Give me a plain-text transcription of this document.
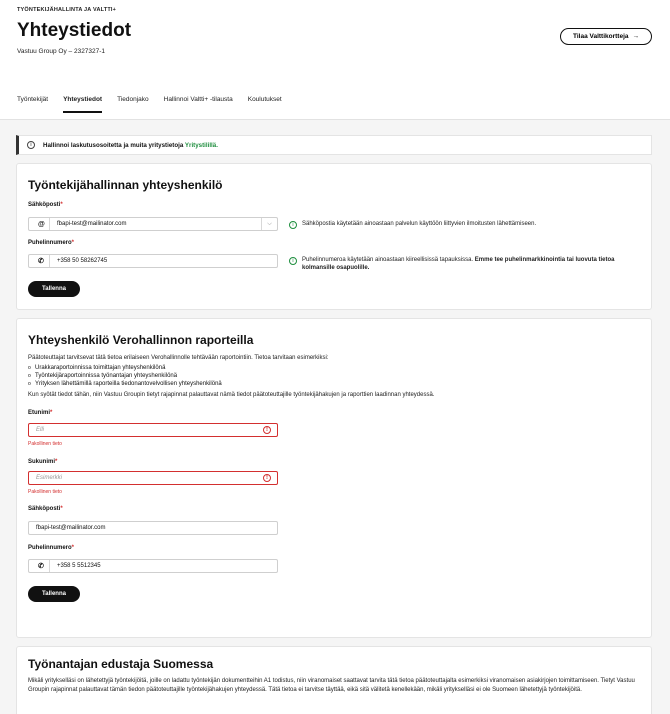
TYÖNTEKIJÄHALLINTA JA VALTTI+
Yhteystiedot
Vastuu Group Oy – 2327327-1
Tilaa Valttikortteja →
Työntekijät Yhteystiedot Tiedonjako Hallinnoi Valtti+ -tilausta Koulutukset
i	Hallinnoi laskutusosoitetta ja muita yritystietoja Yritystilillä.
Työntekijähallinnan yhteyshenkilö
Sähköposti*
@	fbapi-test@mailinator.com	⌵	i	Sähköpostia käytetään ainoastaan palvelun käyttöön liittyvien ilmoitusten lähettämiseen.
Puhelinnumero*
✆	+358 50 58262745	i	Puhelinnumeroa käytetään ainoastaan kiireellisissä tapauksissa. Emme tee puhelinmarkkinointia tai luovuta tietoa kolmansille osapuolille.
Tallenna
Yhteyshenkilö Verohallinnon raporteilla
Päätoteuttajat tarvitsevat tätä tietoa erilaiseen Verohallinnolle tehtävään raportointiin. Tietoa tarvitaan esimerkiksi:
o Urakkaraportoinnissa toimittajan yhteyshenkilönä
o Työntekijäraportoinnissa työnantajan yhteyshenkilönä
o Yrityksen lähettämillä raporteilla tiedonantovelvollisen yhteyshenkilönä
Kun syötät tiedot tähän, niin Vastuu Groupin tietyt rajapinnat palauttavat nämä tiedot päätoteuttajille työntekijähakujen ja raporttien laadinnan yhteydessä.
Etunimi*
Elli	!
Pakollinen tieto
Sukunimi*
Esimerkki	!
Pakollinen tieto
Sähköposti*
fbapi-test@mailinator.com
Puhelinnumero*
✆	+358 5 5512345
Tallenna
Työnantajan edustaja Suomessa
Mikäli yritykselläsi on lähetettyjä työntekijöitä, joille on ladattu työntekijän dokumentteihin A1 todistus, niin viranomaiset saattavat tarvita tätä tietoa päätoteuttajalta esimerkiksi viranomaisen asiakirjojen toimittamiseen. Tietyt Vastuu Groupin rajapinnat palauttavat tämän tiedon päätoteuttajille työntekijähakujen yhteydessä. Tätä tietoa ei tarvitse täyttää, eikä sitä välitetä kenellekään, mikäli yritykselläsi ei ole Suomeen lähetettyjä työntekijöitä.
